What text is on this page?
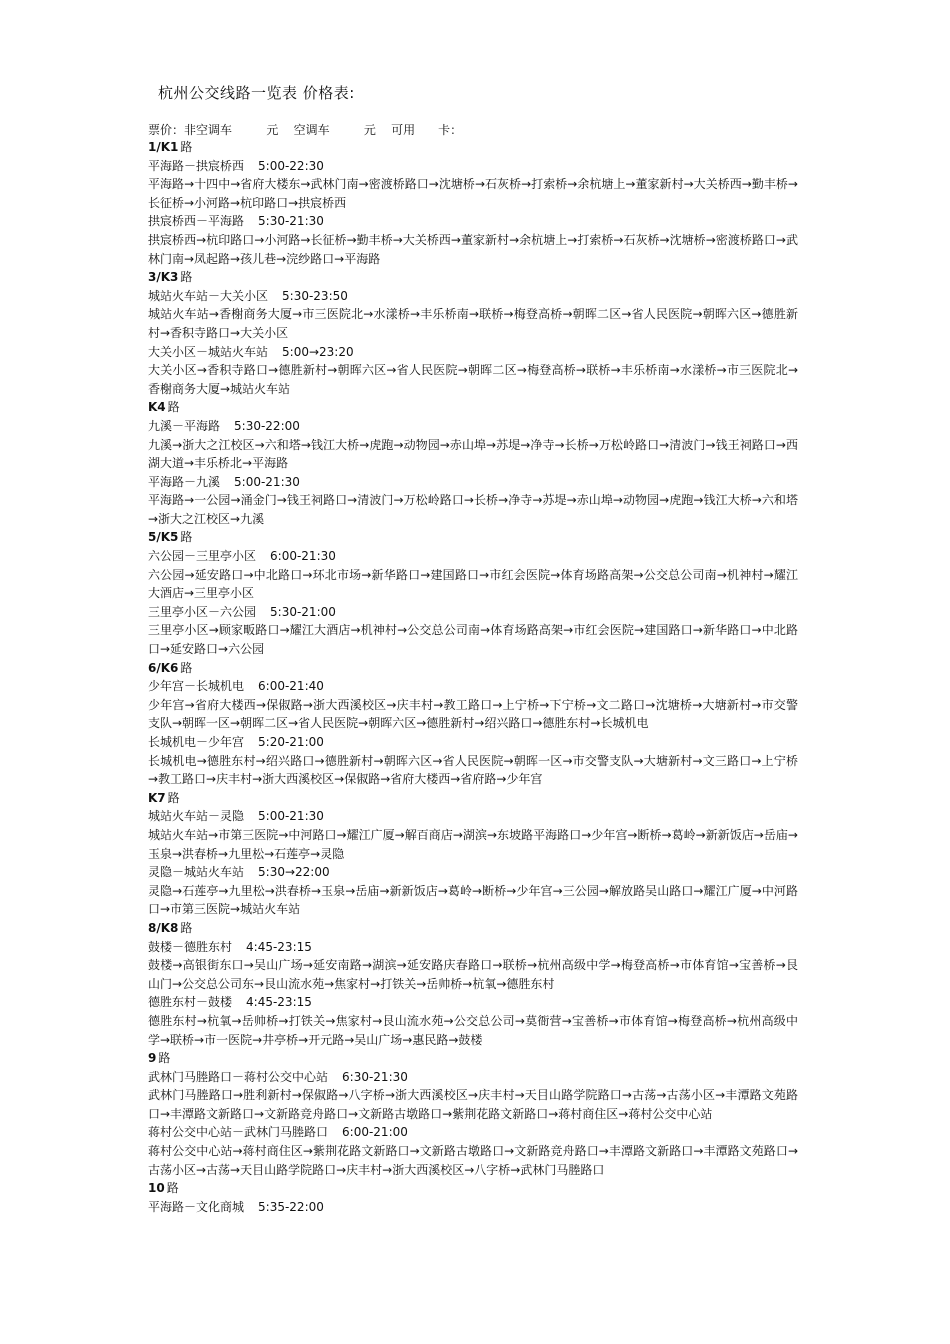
杭州公交线路一览表 价格表:
票价：非空调车         元    空调车         元    可用      卡：
1/K1 路
平海路－拱宸桥西 5:00-22:30
平海路→十四中→省府大楼东→武林门南→密渡桥路口→沈塘桥→石灰桥→打索桥→余杭塘上→董家新村→大关桥西→勤丰桥→长征桥→小河路→杭印路口→拱宸桥西
拱宸桥西－平海路 5:30-21:30
拱宸桥西→杭印路口→小河路→长征桥→勤丰桥→大关桥西→董家新村→余杭塘上→打索桥→石灰桥→沈塘桥→密渡桥路口→武林门南→凤起路→孩儿巷→浣纱路口→平海路
3/K3 路
城站火车站－大关小区 5:30-23:50
城站火车站→香榭商务大厦→市三医院北→水漾桥→丰乐桥南→联桥→梅登高桥→朝晖二区→省人民医院→朝晖六区→德胜新村→香积寺路口→大关小区
大关小区－城站火车站 5:00→23:20
大关小区→香积寺路口→德胜新村→朝晖六区→省人民医院→朝晖二区→梅登高桥→联桥→丰乐桥南→水漾桥→市三医院北→香榭商务大厦→城站火车站
K4 路
九溪－平海路 5:30-22:00
九溪→浙大之江校区→六和塔→钱江大桥→虎跑→动物园→赤山埠→苏堤→净寺→长桥→万松岭路口→清波门→钱王祠路口→西湖大道→丰乐桥北→平海路
平海路－九溪 5:00-21:30
平海路→一公园→涌金门→钱王祠路口→清波门→万松岭路口→长桥→净寺→苏堤→赤山埠→动物园→虎跑→钱江大桥→六和塔→浙大之江校区→九溪
5/K5 路
六公园－三里亭小区 6:00-21:30
六公园→延安路口→中北路口→环北市场→新华路口→建国路口→市红会医院→体育场路高架→公交总公司南→机神村→耀江大酒店→三里亭小区
三里亭小区－六公园 5:30-21:00
三里亭小区→顾家畈路口→耀江大酒店→机神村→公交总公司南→体育场路高架→市红会医院→建国路口→新华路口→中北路口→延安路口→六公园
6/K6 路
少年宫－长城机电 6:00-21:40
少年宫→省府大楼西→保俶路→浙大西溪校区→庆丰村→教工路口→上宁桥→下宁桥→文二路口→沈塘桥→大塘新村→市交警支队→朝晖一区→朝晖二区→省人民医院→朝晖六区→德胜新村→绍兴路口→德胜东村→长城机电
长城机电－少年宫 5:20-21:00
长城机电→德胜东村→绍兴路口→德胜新村→朝晖六区→省人民医院→朝晖一区→市交警支队→大塘新村→文三路口→上宁桥→教工路口→庆丰村→浙大西溪校区→保俶路→省府大楼西→省府路→少年宫
K7 路
城站火车站－灵隐 5:00-21:30
城站火车站→市第三医院→中河路口→耀江广厦→解百商店→湖滨→东坡路平海路口→少年宫→断桥→葛岭→新新饭店→岳庙→玉泉→洪春桥→九里松→石莲亭→灵隐
灵隐－城站火车站 5:30→22:00
灵隐→石莲亭→九里松→洪春桥→玉泉→岳庙→新新饭店→葛岭→断桥→少年宫→三公园→解放路吴山路口→耀江广厦→中河路口→市第三医院→城站火车站
8/K8 路
鼓楼－德胜东村 4:45-23:15
鼓楼→高银街东口→吴山广场→延安南路→湖滨→延安路庆春路口→联桥→杭州高级中学→梅登高桥→市体育馆→宝善桥→艮山门→公交总公司东→艮山流水苑→焦家村→打铁关→岳帅桥→杭氧→德胜东村
德胜东村－鼓楼 4:45-23:15
德胜东村→杭氧→岳帅桥→打铁关→焦家村→艮山流水苑→公交总公司→莫衙营→宝善桥→市体育馆→梅登高桥→杭州高级中学→联桥→市一医院→井亭桥→开元路→吴山广场→惠民路→鼓楼
9 路
武林门马塍路口－蒋村公交中心站 6:30-21:30
武林门马塍路口→胜利新村→保俶路→八字桥→浙大西溪校区→庆丰村→天目山路学院路口→古荡→古荡小区→丰潭路文苑路口→丰潭路文新路口→文新路竞舟路口→文新路古墩路口→紫荆花路文新路口→蒋村商住区→蒋村公交中心站
蒋村公交中心站－武林门马塍路口 6:00-21:00
蒋村公交中心站→蒋村商住区→紫荆花路文新路口→文新路古墩路口→文新路竞舟路口→丰潭路文新路口→丰潭路文苑路口→古荡小区→古荡→天目山路学院路口→庆丰村→浙大西溪校区→八字桥→武林门马塍路口
10 路
平海路－文化商城 5:35-22:00
